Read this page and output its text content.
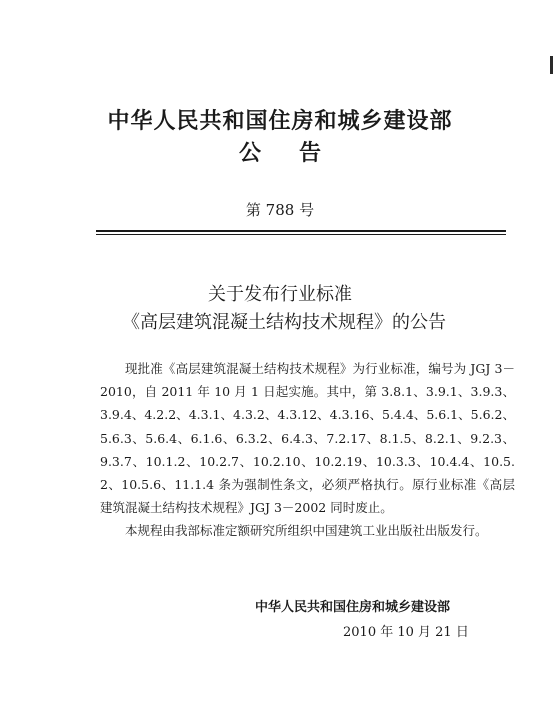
中华人民共和国住房和城乡建设部
公告
第 788 号
关于发布行业标准
《高层建筑混凝土结构技术规程》的公告

现批准《高层建筑混凝土结构技术规程》为行业标准，编号为 JGJ 3－2010，自 2011 年 10 月 1 日起实施。其中，第 3.8.1、3.9.1、3.9.3、3.9.4、4.2.2、4.3.1、4.3.2、4.3.12、4.3.16、5.4.4、5.6.1、5.6.2、5.6.3、5.6.4、6.1.6、6.3.2、6.4.3、7.2.17、8.1.5、8.2.1、9.2.3、9.3.7、10.1.2、10.2.7、10.2.10、10.2.19、10.3.3、10.4.4、10.5.2、10.5.6、11.1.4 条为强制性条文，必须严格执行。原行业标准《高层建筑混凝土结构技术规程》JGJ 3－2002 同时废止。

本规程由我部标准定额研究所组织中国建筑工业出版社出版发行。

中华人民共和国住房和城乡建设部
2010 年 10 月 21 日
